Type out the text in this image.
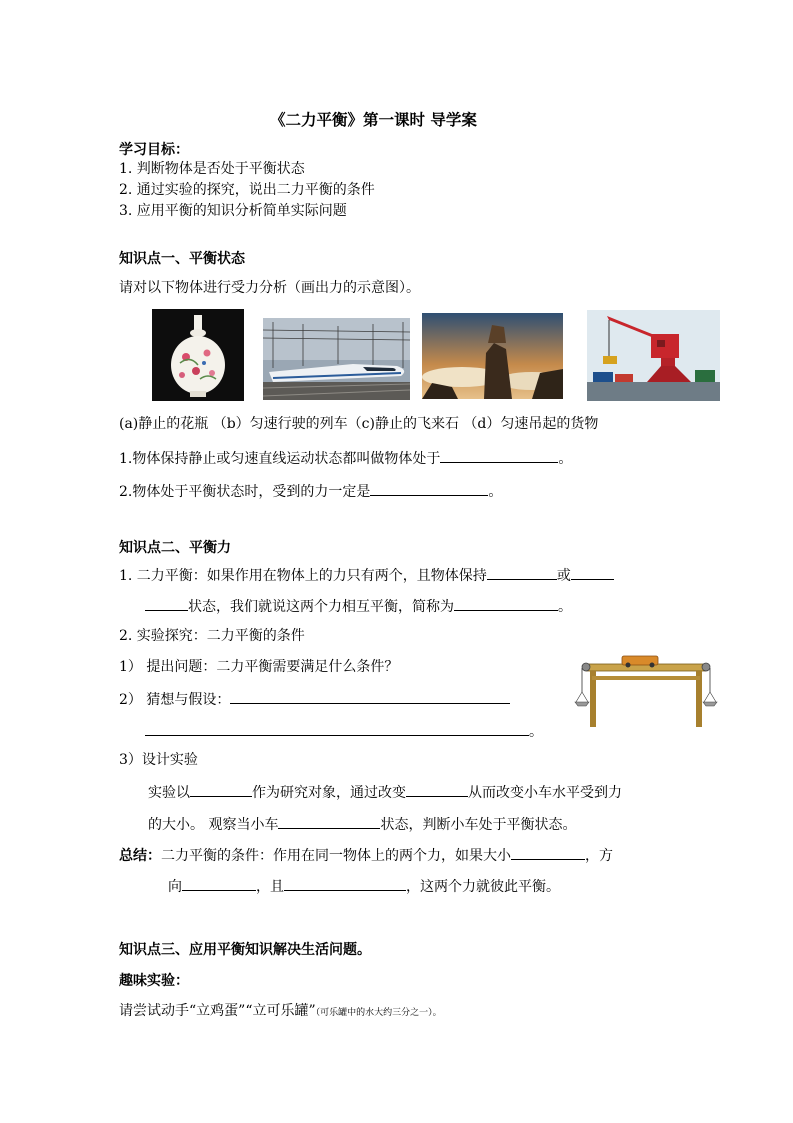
《二力平衡》第一课时 导学案
学习目标：
1. 判断物体是否处于平衡状态
2. 通过实验的探究，说出二力平衡的条件
3. 应用平衡的知识分析简单实际问题
知识点一、平衡状态
请对以下物体进行受力分析（画出力的示意图）。
(a)静止的花瓶 （b）匀速行驶的列车（c)静止的飞来石 （d）匀速吊起的货物
1.物体保持静止或匀速直线运动状态都叫做物体处于	。
2.物体处于平衡状态时，受到的力一定是	。
知识点二、平衡力
1. 二力平衡：如果作用在物体上的力只有两个，且物体保持	或
状态，我们就说这两个力相互平衡，简称为	。
2. 实验探究：二力平衡的条件
1） 提出问题：二力平衡需要满足什么条件？
2） 猜想与假设：
。
3）设计实验
实验以	作为研究对象，通过改变	从而改变小车水平受到力
的大小。 观察当小车	状态，判断小车处于平衡状态。
总结：二力平衡的条件：作用在同一物体上的两个力，如果大小	，方
向	，且	，这两个力就彼此平衡。
知识点三、应用平衡知识解决生活问题。
趣味实验：
请尝试动手“立鸡蛋”“立可乐罐”（可乐罐中的水大约三分之一）。
